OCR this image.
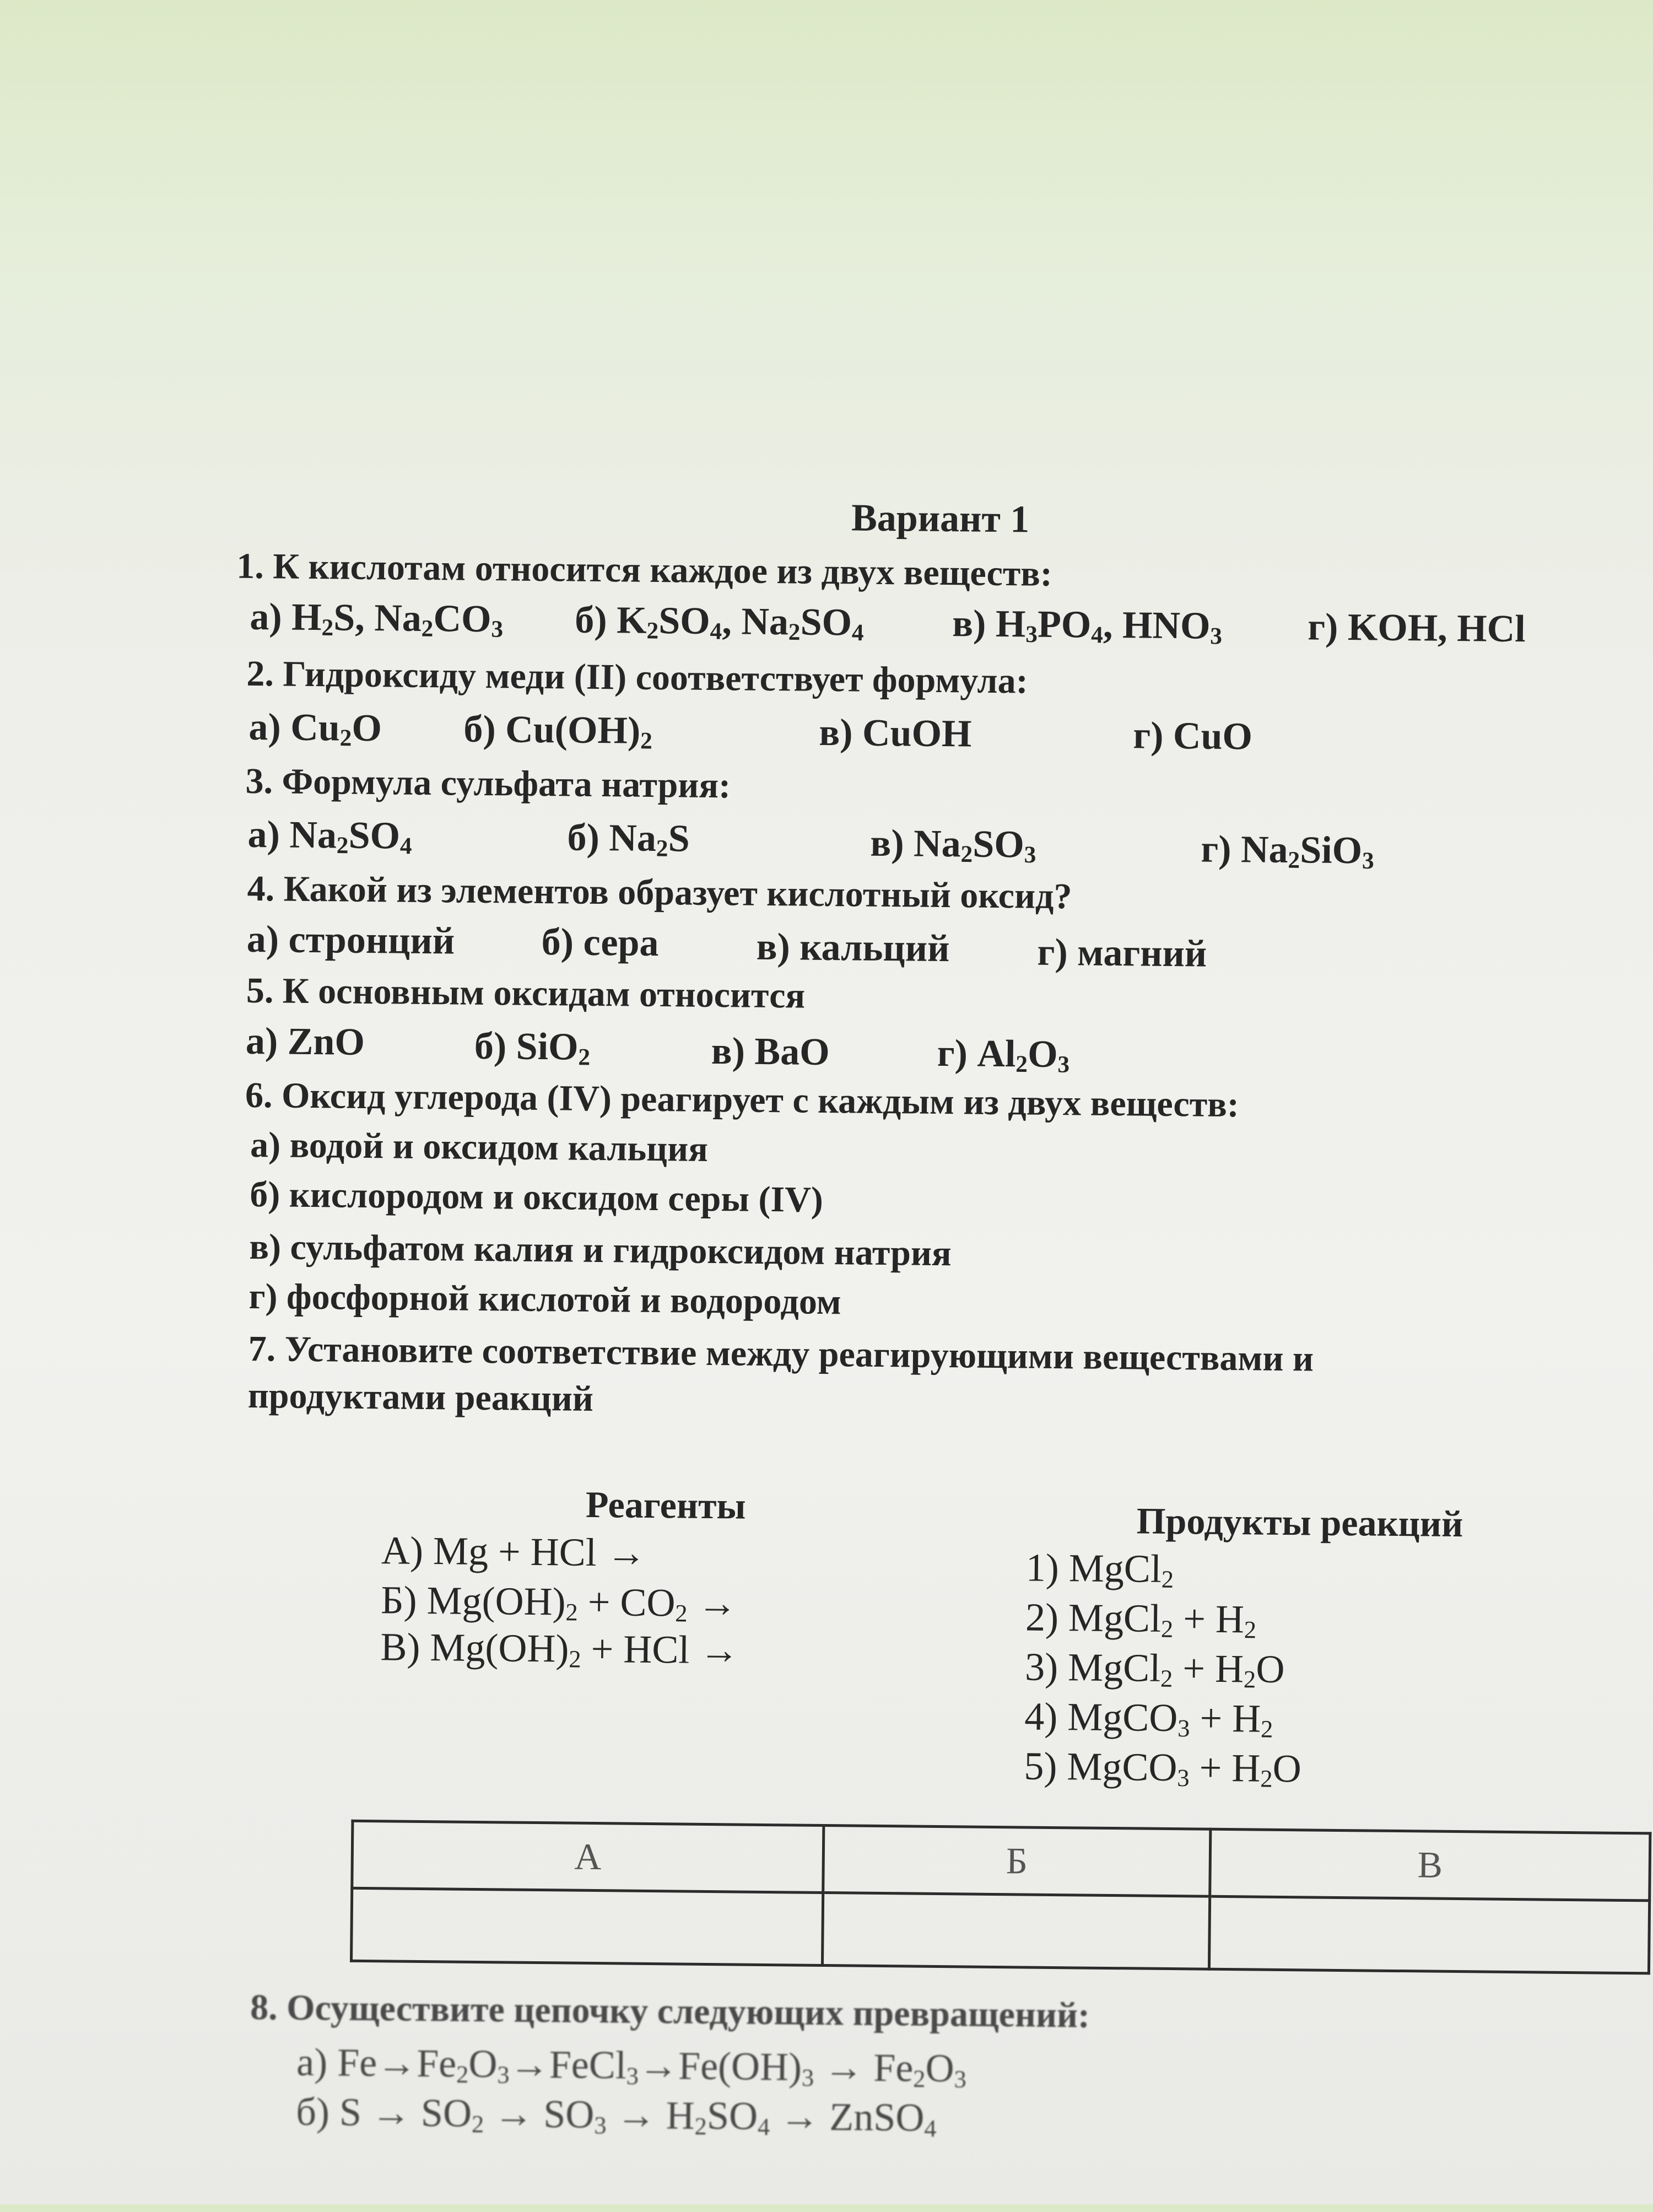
Вариант 1
1. К кислотам относится каждое из двух веществ:
а) $H_2S$, $Na_2CO_3$ б) $K_2SO_4$, $Na_2SO_4$ в) $H_3PO_4$, $HNO_3$ г) KOH, HCl
2. Гидроксиду меди (II) соответствует формула:
а) $Cu_2O$ б) $Cu(OH)_2$	в) CuOH	г) CuO
3. Формула сульфата натрия:
а) $Na_2SO_4$	б) $Na_2S$	в) $Na_2SO_3$	г) $Na_2SiO_3$
4. Какой из элементов образует кислотный оксид?
а) стронций б) сера	в) кальций г) магний
5. К основным оксидам относится
а) ZnO	б) SiO$_2$	в) BaO	г) $Al_2O_3$
6. Оксид углерода (IV) реагирует с каждым из двух веществ:
а) водой и оксидом кальция
б) кислородом и оксидом серы (IV)
в) сульфатом калия и гидроксидом натрия
г) фосфорной кислотой и водородом
7. Установите соответствие между реагирующими веществами и
продуктами реакций
Реагенты	Продукты реакций
А) Mg + HCl →
Б) $Mg(OH)_2 + CO_2$ →
В) $Mg(OH)_2$ + HCl →
1) MgCl$_2$
2) MgCl$_2$ + $H_2$
3) MgCl$_2$ + $H_2O$
4) MgCO$_3$ + $H_2$
5) MgCO$_3$ + $H_2O$
А	Б	В

8. Осуществите цепочку следующих превращений:
а) $Fe\to Fe_2O_3\to FeCl_3\to Fe(OH)_3 \to Fe_2O_3$
б) $S \to SO_2 \to SO_3 \to H_2SO_4$ → ZnSO$_4$
